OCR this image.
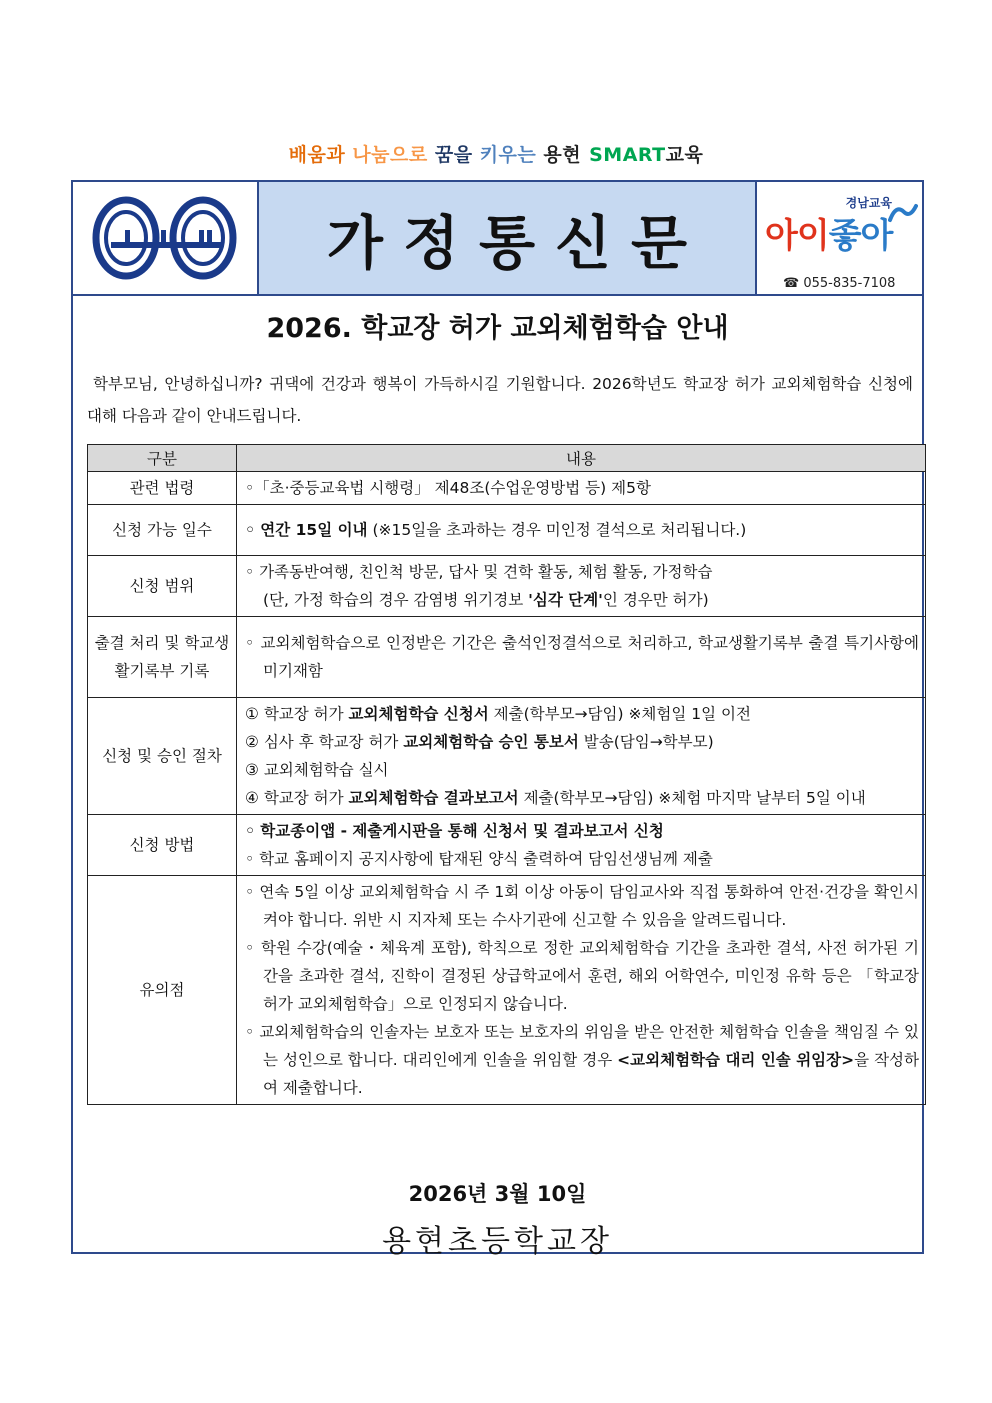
배움과 나눔으로 꿈을 키우는 용현 SMART교육
가정통신문
경남교육
아이좋아
☎ 055-835-7108
2026. 학교장 허가 교외체험학습 안내
학부모님, 안녕하십니까? 귀댁에 건강과 행복이 가득하시길 기원합니다. 2026학년도 학교장 허가 교외체험학습 신청에 대해 다음과 같이 안내드립니다.
구분	내용
관련 법령	◦「초·중등교육법 시행령」 제48조(수업운영방법 등) 제5항
신청 가능 일수	◦ 연간 15일 이내 (※15일을 초과하는 경우 미인정 결석으로 처리됩니다.)
신청 범위	◦ 가족동반여행, 친인척 방문, 답사 및 견학 활동, 체험 활동, 가정학습
(단, 가정 학습의 경우 감염병 위기경보 '심각 단계'인 경우만 허가)

출결 처리 및 학교생활기록부 기록	◦ 교외체험학습으로 인정받은 기간은 출석인정결석으로 처리하고, 학교생활기록부 출결 특기사항에 미기재함

신청 및 승인 절차	① 학교장 허가 교외체험학습 신청서 제출(학부모→담임) ※체험일 1일 이전
② 심사 후 학교장 허가 교외체험학습 승인 통보서 발송(담임→학부모)
③ 교외체험학습 실시
④ 학교장 허가 교외체험학습 결과보고서 제출(학부모→담임) ※체험 마지막 날부터 5일 이내

신청 방법	◦ 학교종이앱 - 제출게시판을 통해 신청서 및 결과보고서 신청
◦ 학교 홈페이지 공지사항에 탑재된 양식 출력하여 담임선생님께 제출

유의점	◦ 연속 5일 이상 교외체험학습 시 주 1회 이상 아동이 담임교사와 직접 통화하여 안전·건강을 확인시켜야 합니다. 위반 시 지자체 또는 수사기관에 신고할 수 있음을 알려드립니다.
◦ 학원 수강(예술・체육계 포함), 학칙으로 정한 교외체험학습 기간을 초과한 결석, 사전 허가된 기간을 초과한 결석, 진학이 결정된 상급학교에서 훈련, 해외 어학연수, 미인정 유학 등은 「학교장 허가 교외체험학습」으로 인정되지 않습니다.
◦ 교외체험학습의 인솔자는 보호자 또는 보호자의 위임을 받은 안전한 체험학습 인솔을 책임질 수 있는 성인으로 합니다. 대리인에게 인솔을 위임할 경우 <교외체험학습 대리 인솔 위임장>을 작성하여 제출합니다.
2026년 3월 10일
용현초등학교장
